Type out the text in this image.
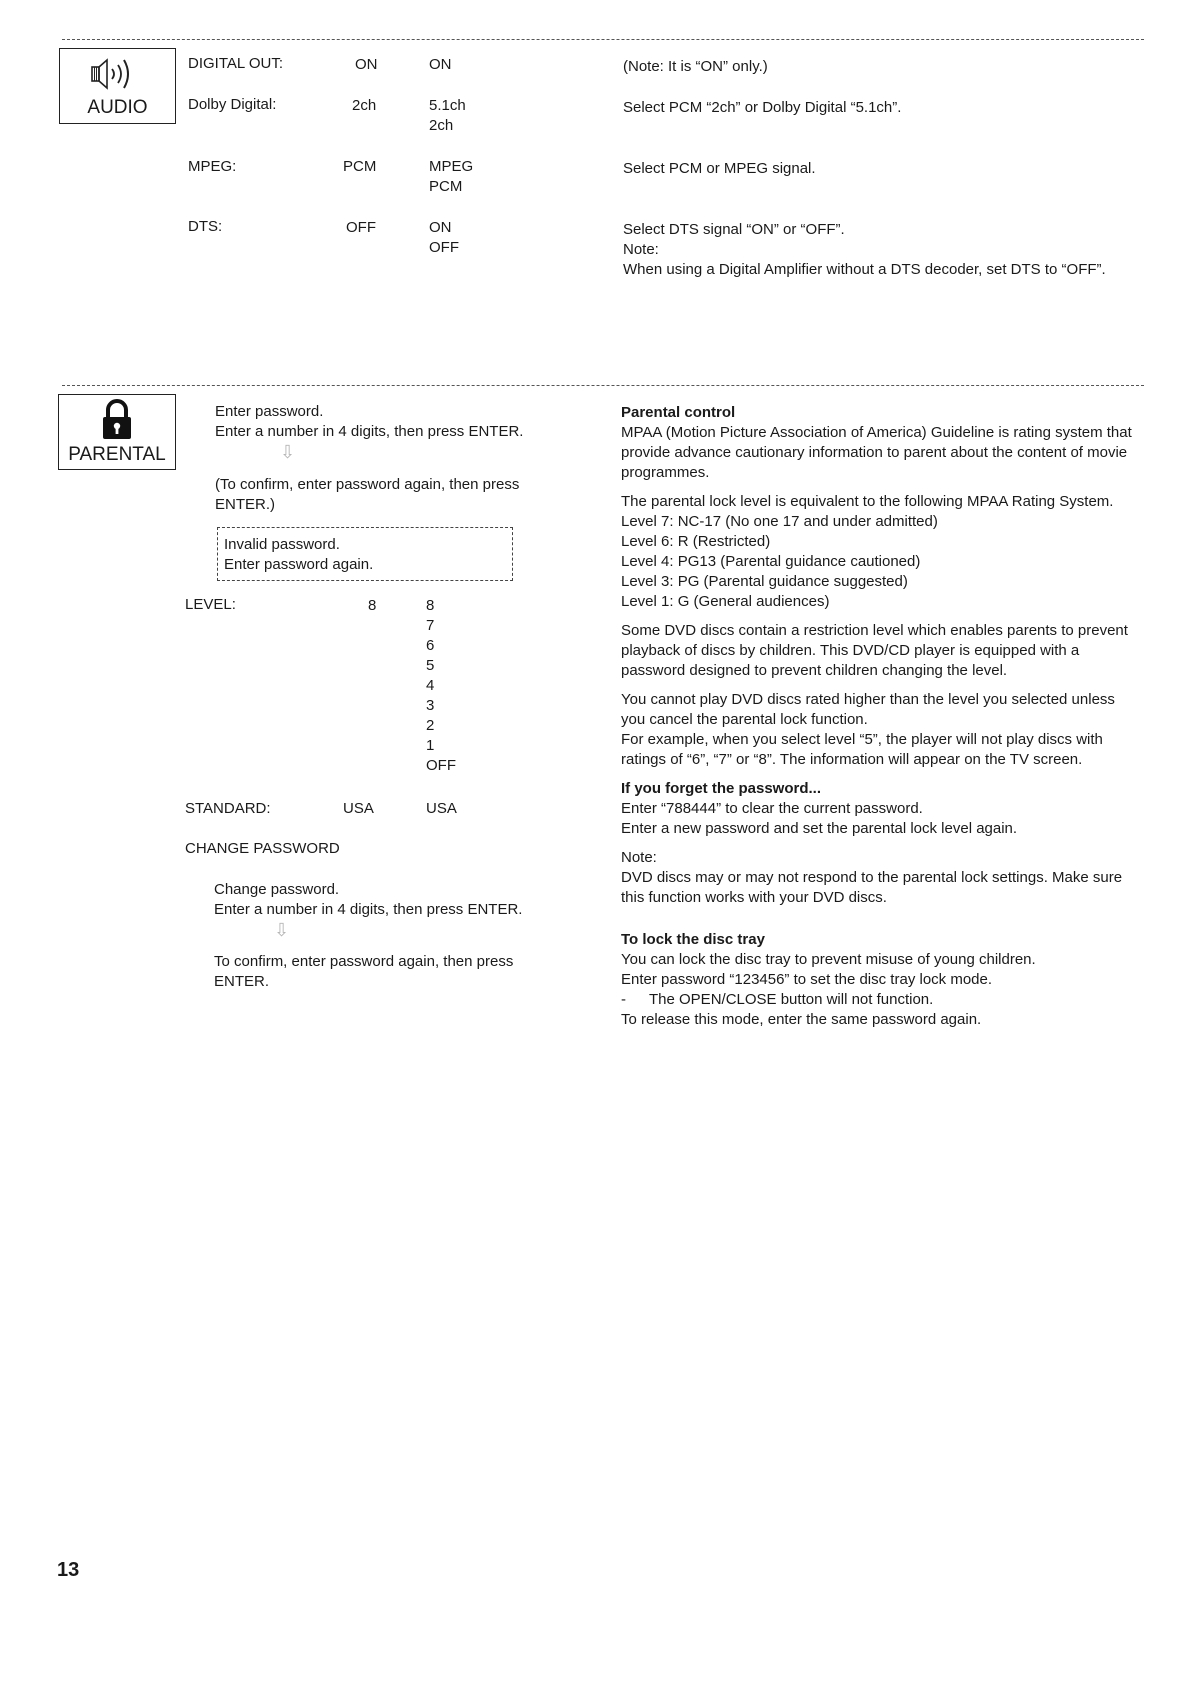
AUDIO
DIGITAL OUT:	ON	ON	(Note: It is “ON” only.)
Dolby Digital:	2ch	5.1ch
2ch
Select PCM “2ch” or Dolby Digital “5.1ch”.
MPEG:	PCM	MPEG
PCM
Select PCM or MPEG signal.
DTS:	OFF	ON
OFF
Select DTS signal “ON” or “OFF”.
Note:
When using a Digital Amplifier without a DTS decoder, set DTS to “OFF”.
PARENTAL
Enter password.
Enter a number in 4 digits, then press ENTER.
⇩
(To confirm, enter password again, then press
ENTER.)
Invalid password.
Enter password again.
LEVEL:	8	8
7
6
5
4
3
2
1
OFF
STANDARD:	USA	USA
CHANGE PASSWORD
Change password.
Enter a number in 4 digits, then press ENTER.
⇩
To confirm, enter password again, then press
ENTER.
Parental control
MPAA (Motion Picture Association of America) Guideline is rating system that provide advance cautionary information to parent about the content of movie programmes.
The parental lock level is equivalent to the following MPAA Rating System.
Level 7: NC-17 (No one 17 and under admitted)
Level 6: R (Restricted)
Level 4: PG13 (Parental guidance cautioned)
Level 3: PG (Parental guidance suggested)
Level 1: G (General audiences)
Some DVD discs contain a restriction level which enables parents to prevent playback of discs by children. This DVD/CD player is equipped with a password designed to prevent children changing the level.
You cannot play DVD discs rated higher than the level you selected unless you cancel the parental lock function.
For example, when you select level “5”, the player will not play discs with ratings of “6”, “7” or “8”. The information will appear on the TV screen.
If you forget the password...
Enter “788444” to clear the current password.
Enter a new password and set the parental lock level again.
Note:
DVD discs may or may not respond to the parental lock settings. Make sure this function works with your DVD discs.
To lock the disc tray
You can lock the disc tray to prevent misuse of young children.
Enter password “123456” to set the disc tray lock mode.
- The OPEN/CLOSE button will not function.
To release this mode, enter the same password again.
13
